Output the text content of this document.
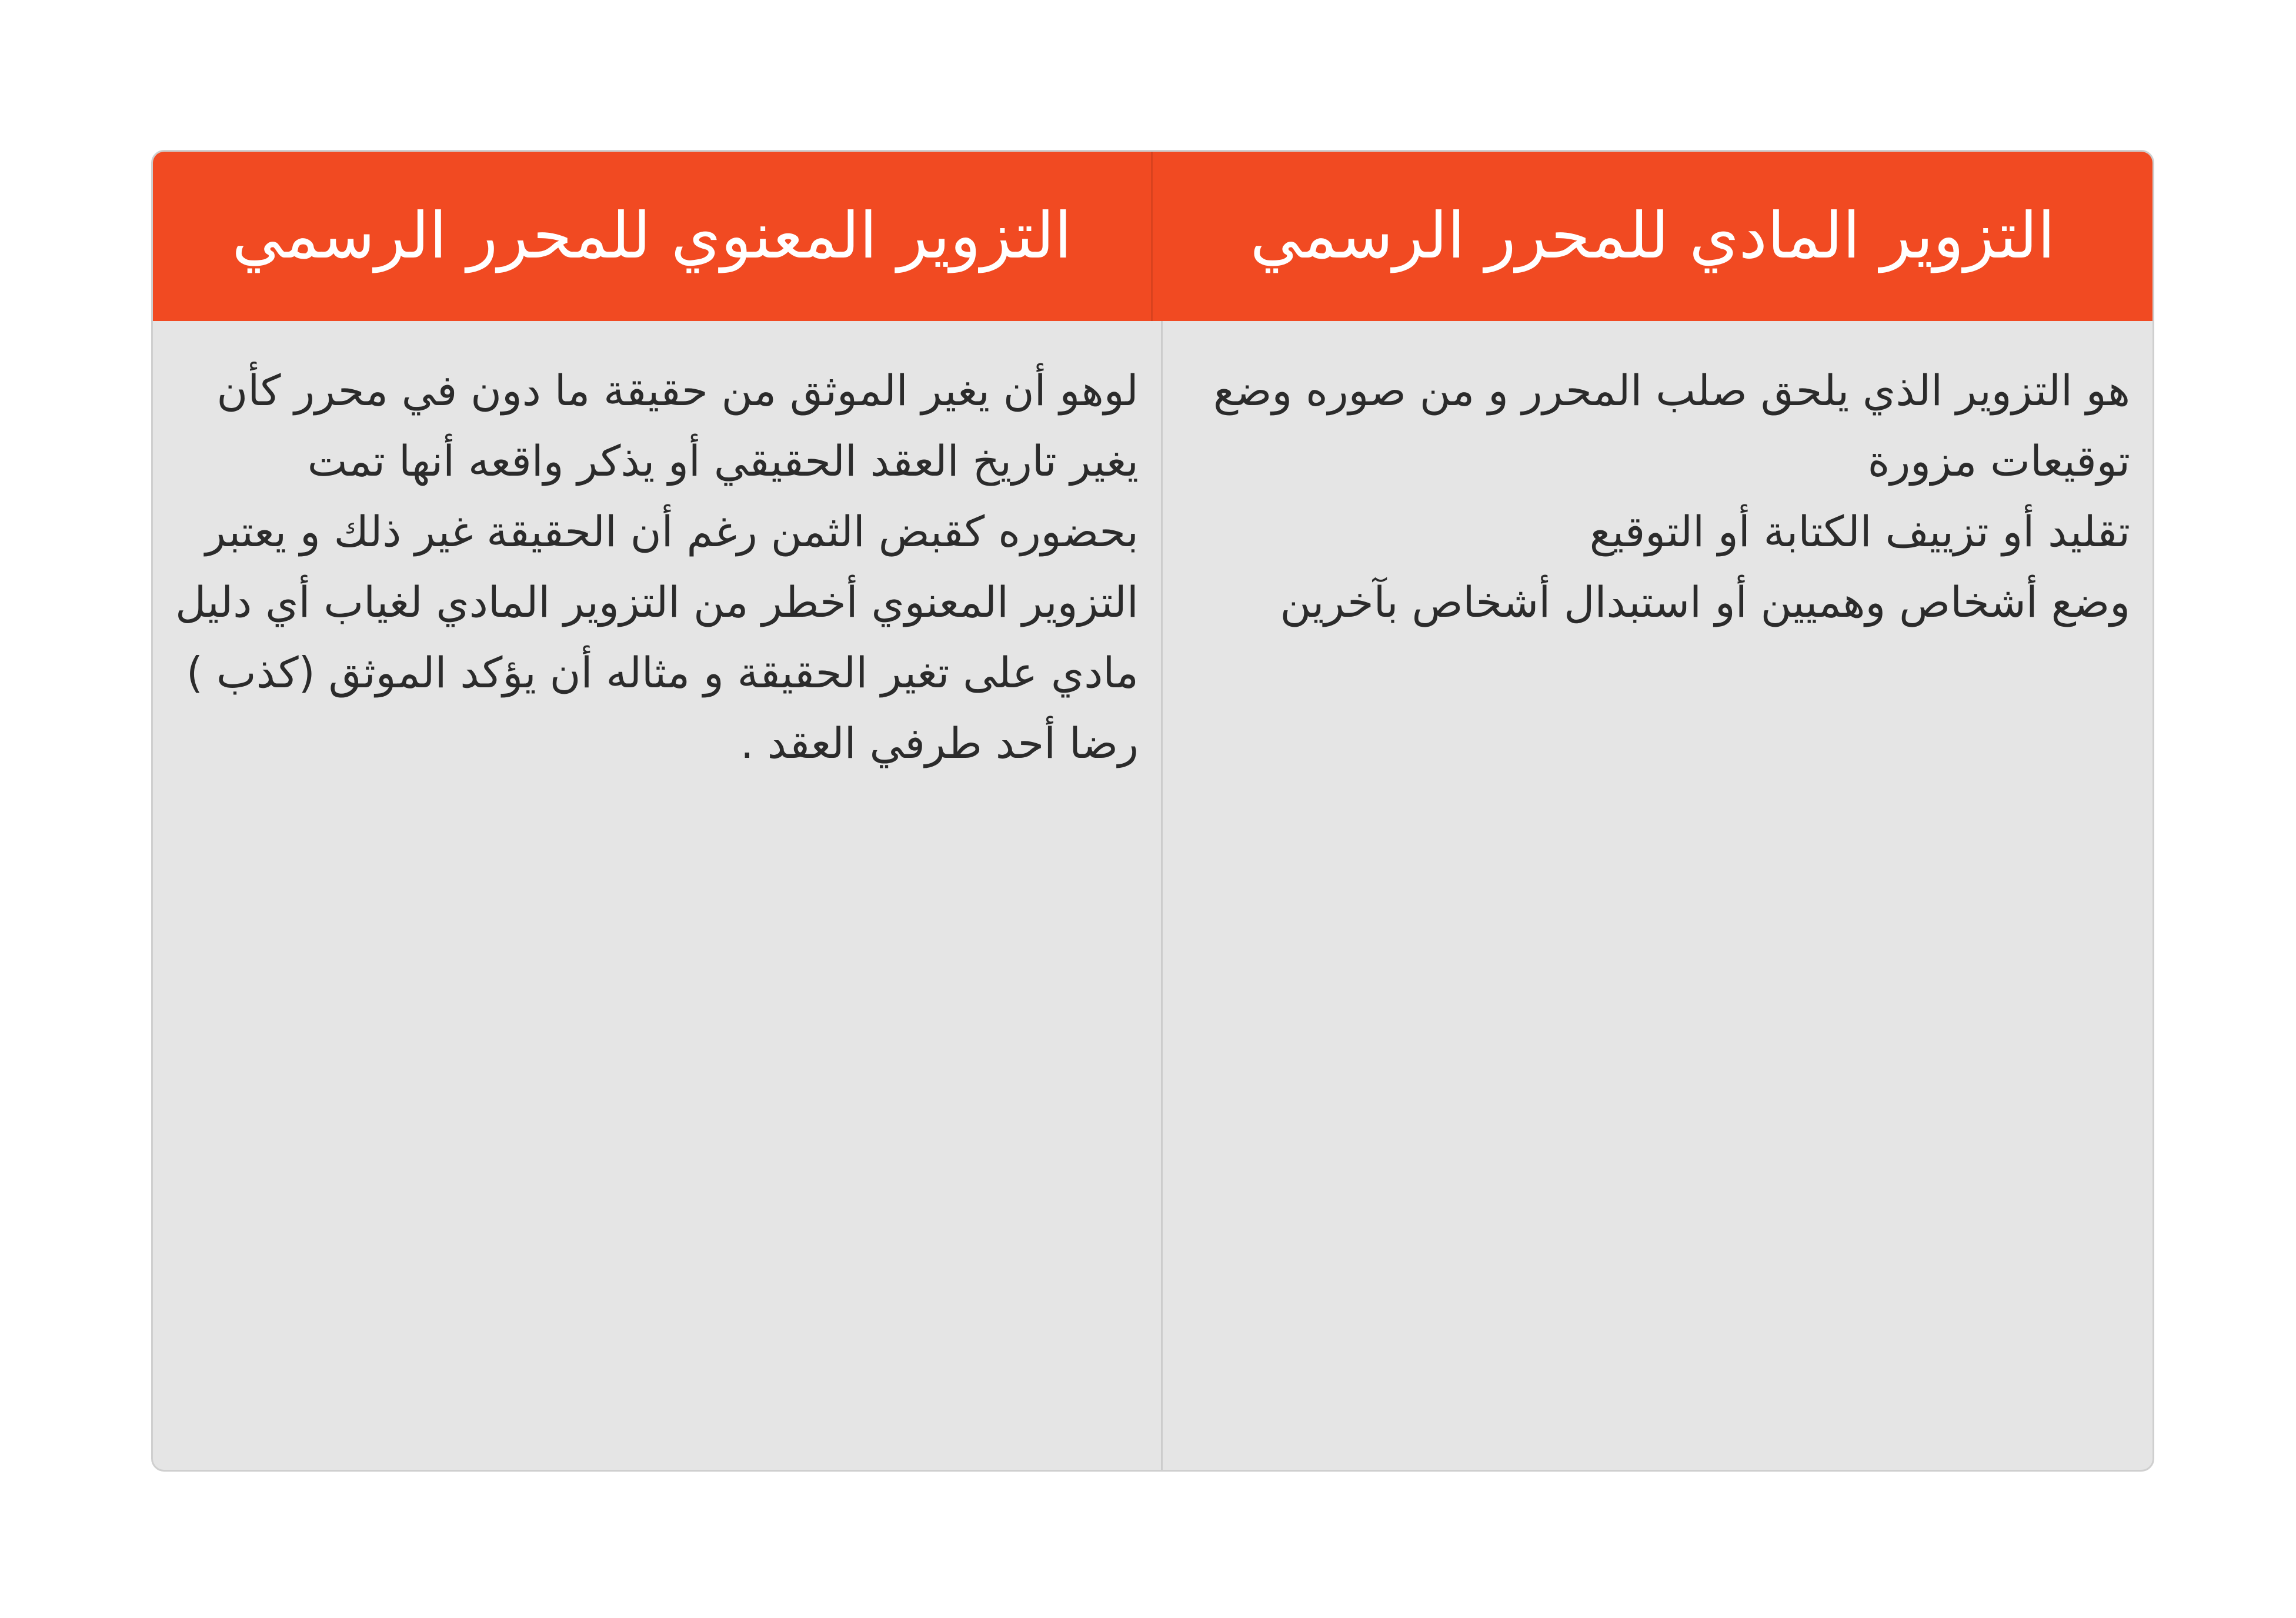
التزوير المادي للمحرر الرسمي
التزوير المعنوي للمحرر الرسمي
هو التزوير الذي يلحق صلب المحرر و من صوره وضع
توقيعات مزورة
تقليد أو تزييف الكتابة أو التوقيع
وضع أشخاص وهميين أو استبدال أشخاص بآخرين
لوهو أن يغير الموثق من حقيقة ما دون في محرر كأن
يغير تاريخ العقد الحقيقي أو يذكر واقعه أنها تمت
بحضوره كقبض الثمن رغم أن الحقيقة غير ذلك و يعتبر
التزوير المعنوي أخطر من التزوير المادي لغياب أي دليل
مادي على تغير الحقيقة و مثاله أن يؤكد الموثق (كذب )
رضا أحد طرفي العقد .
